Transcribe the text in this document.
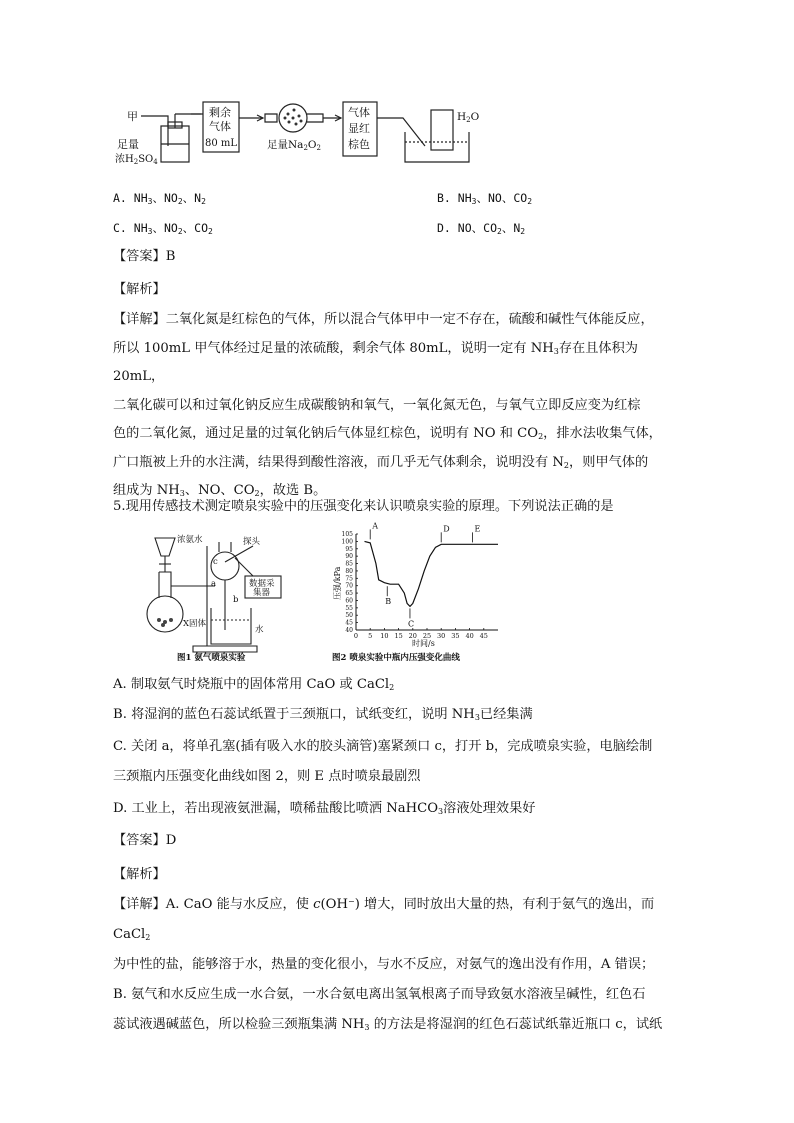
甲
足量
浓$H_2SO_4$
剩余
气体
80 mL	足量Na2O2
气体
显红
棕色
H2O
A. $NH_3$、$NO_2$、$N_2$	B. $NH_3$、NO、$CO_2$
C. $NH_3$、$NO_2$、$CO_2$	D. NO、$CO_2$、$N_2$
【答案】B
【解析】
【详解】二氧化氮是红棕色的气体，所以混合气体甲中一定不存在，硫酸和碱性气体能反应，
所以 100mL 甲气体经过足量的浓硫酸，剩余气体 80mL，说明一定有 $NH_3$存在且体积为 20mL，
二氧化碳可以和过氧化钠反应生成碳酸钠和氧气，一氧化氮无色，与氧气立即反应变为红棕
色的二氧化氮，通过足量的过氧化钠后气体显红棕色，说明有 NO 和 $CO_2$，排水法收集气体，
广口瓶被上升的水注满，结果得到酸性溶液，而几乎无气体剩余，说明没有 $N_2$，则甲气体的
组成为 $NH_3$、NO、$CO_2$，故选 B。
5.现用传感技术测定喷泉实验中的压强变化来认识喷泉实验的原理。下列说法正确的是
浓氨水	探头
数据采
集器
水
X固体
a
b
c
图1 氨气喷泉实验
压强/kPa
时间/s
图2 喷泉实验中瓶内压强变化曲线
0 5 10 15 20 25 30 35 40 45
40
45
50
55
60
65
70
75
80
85
90
95
100
105
A
B
C
D	E
A. 制取氨气时烧瓶中的固体常用 CaO 或 CaCl$_2$
B. 将湿润的蓝色石蕊试纸置于三颈瓶口，试纸变红，说明 $NH_3$已经集满
C. 关闭 a，将单孔塞(插有吸入水的胶头滴管)塞紧颈口 c，打开 b，完成喷泉实验，电脑绘制
三颈瓶内压强变化曲线如图 2，则 E 点时喷泉最剧烈
D. 工业上，若出现液氨泄漏，喷稀盐酸比喷洒 NaHCO$_3$溶液处理效果好
【答案】D
【解析】
【详解】A. CaO 能与水反应，使 c(OH−) 增大，同时放出大量的热，有利于氨气的逸出，而 CaCl$_2$
为中性的盐，能够溶于水，热量的变化很小，与水不反应，对氨气的逸出没有作用，A 错误；
B. 氨气和水反应生成一水合氨，一水合氨电离出氢氧根离子而导致氨水溶液呈碱性，红色石
蕊试液遇碱蓝色，所以检验三颈瓶集满 $NH_3$ 的方法是将湿润的红色石蕊试纸靠近瓶口 c，试纸
